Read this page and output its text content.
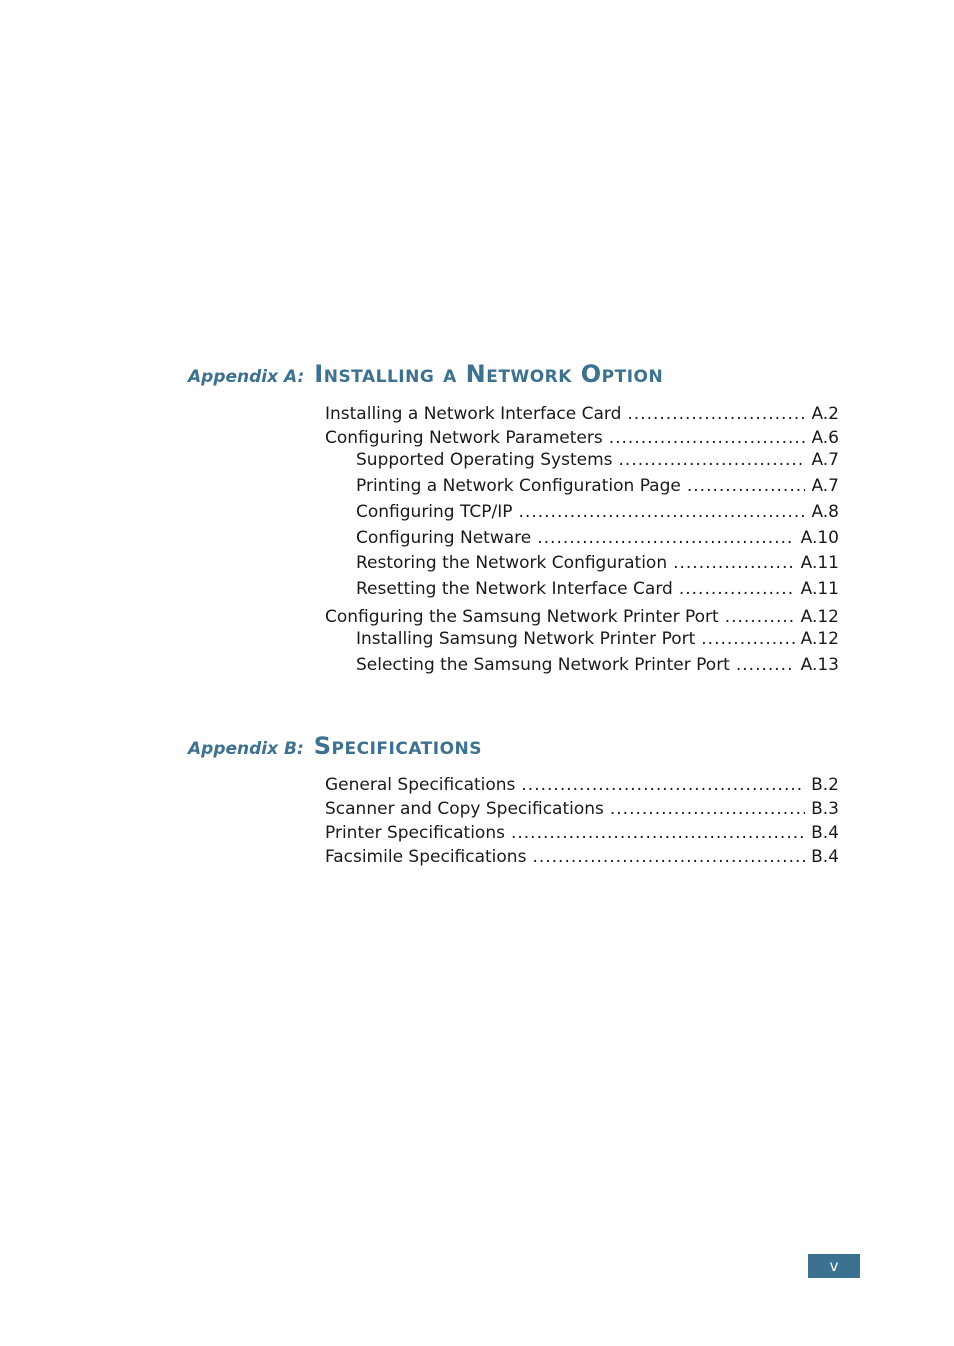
Appendix A: Installing a Network Option
Installing a Network Interface Card .....	A.2
Configuring Network Parameters .....	A.6
Supported Operating Systems .....	A.7
Printing a Network Configuration Page .....	A.7
Configuring TCP/IP .....	A.8
Configuring Netware .....	A.10
Restoring the Network Configuration .....	A.11
Resetting the Network Interface Card .....	A.11
Configuring the Samsung Network Printer Port .....	A.12
Installing Samsung Network Printer Port .....	A.12
Selecting the Samsung Network Printer Port .....	A.13
Appendix B: Specifications
General Specifications .....	B.2
Scanner and Copy Specifications .....	B.3
Printer Specifications .....	B.4
Facsimile Specifications .....	B.4
v
